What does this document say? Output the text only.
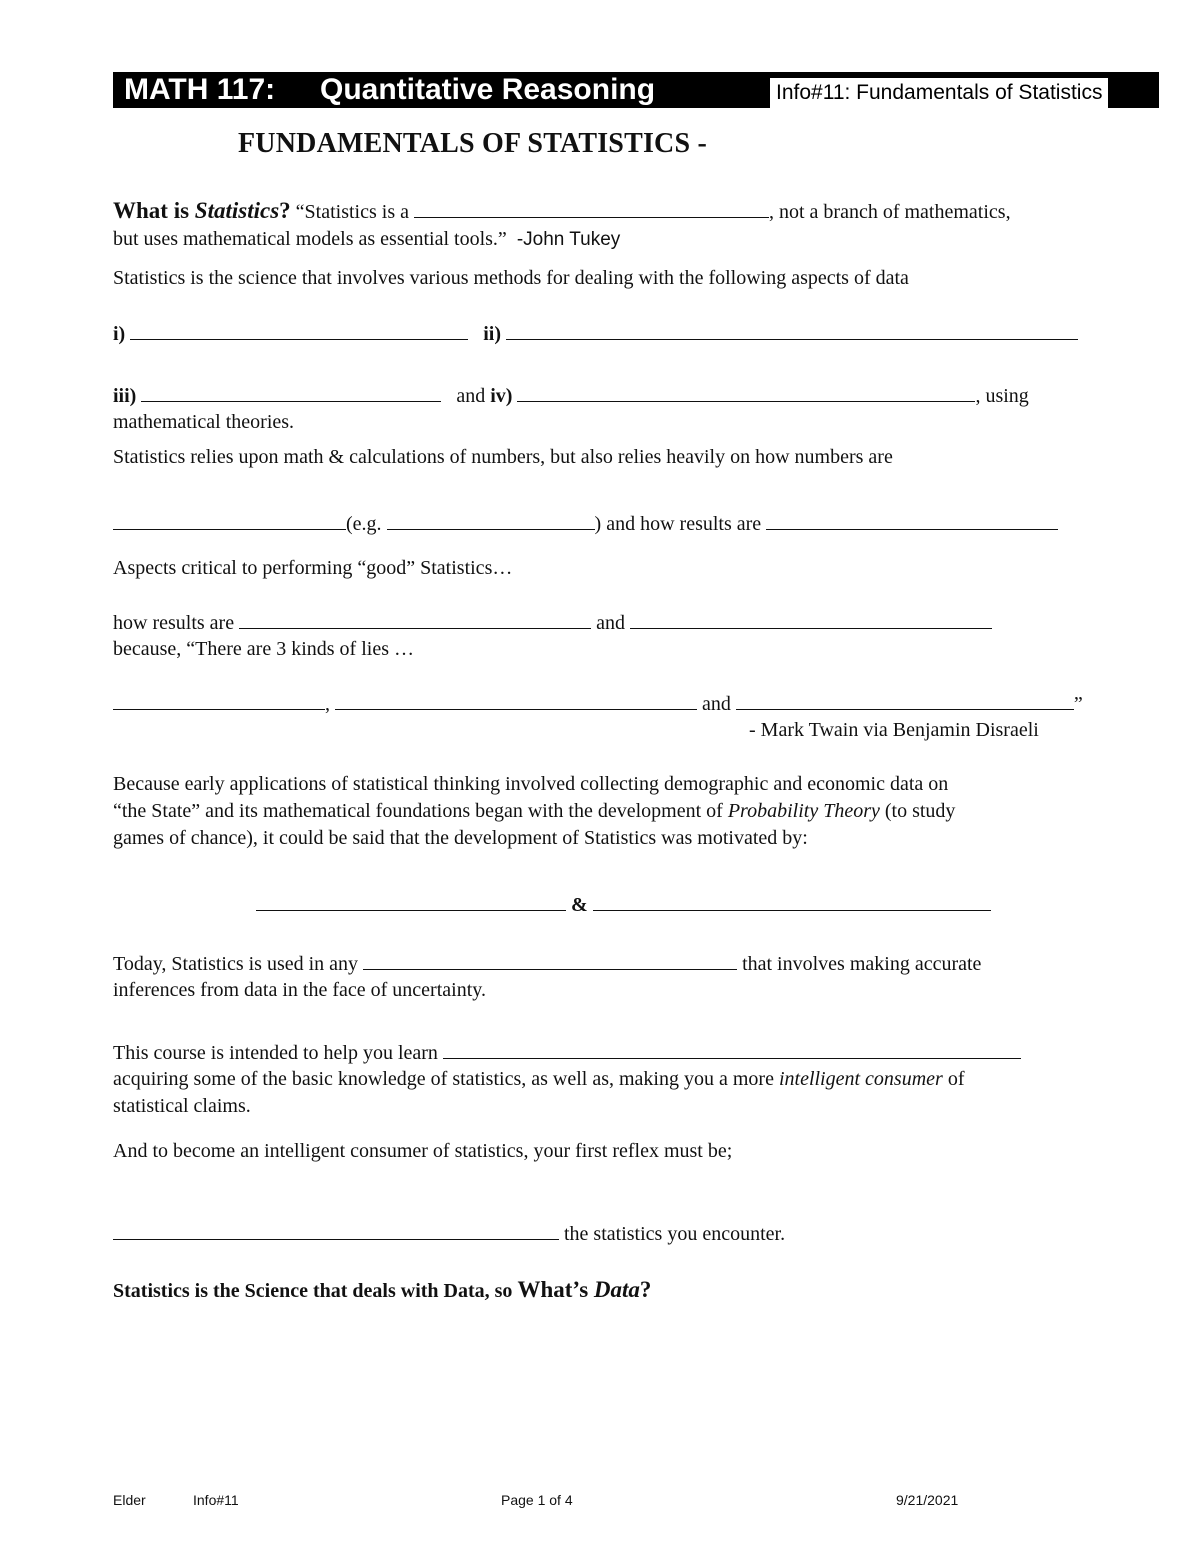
MATH 117: Quantitative Reasoning	Info#11: Fundamentals of Statistics
FUNDAMENTALS OF STATISTICS -
What is Statistics? “Statistics is a	, not a branch of mathematics,
but uses mathematical models as essential tools.” -John Tukey
Statistics is the science that involves various methods for dealing with the following aspects of data
i)	ii)
iii)	and iv)	, using
mathematical theories.
Statistics relies upon math & calculations of numbers, but also relies heavily on how numbers are
(e.g.	) and how results are
Aspects critical to performing “good” Statistics…
how results are	and
because, “There are 3 kinds of lies …
,	and	”
- Mark Twain via Benjamin Disraeli
Because early applications of statistical thinking involved collecting demographic and economic data on
“the State” and its mathematical foundations began with the development of Probability Theory (to study
games of chance), it could be said that the development of Statistics was motivated by:
&
Today, Statistics is used in any	that involves making accurate
inferences from data in the face of uncertainty.
This course is intended to help you learn
acquiring some of the basic knowledge of statistics, as well as, making you a more intelligent consumer of
statistical claims.
And to become an intelligent consumer of statistics, your first reflex must be;
the statistics you encounter.
Statistics is the Science that deals with Data, so What’s Data?
Elder	Info#11	Page 1 of 4	9/21/2021
